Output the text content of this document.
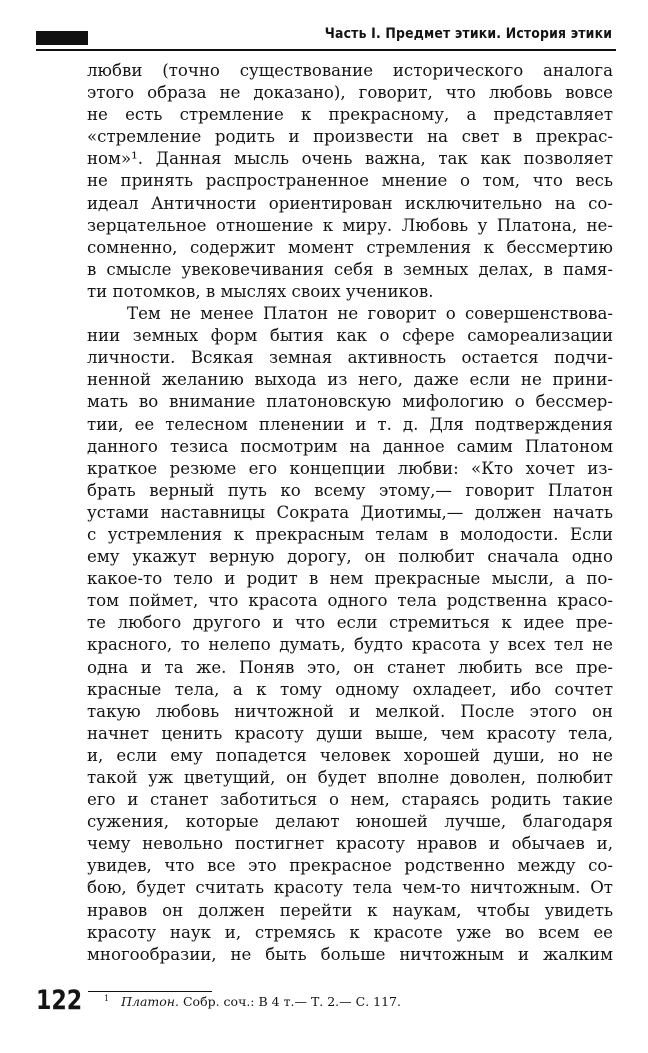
Часть I. Предмет этики. История этики
любви (точно существование исторического аналога
этого образа не доказано), говорит, что любовь вовсе
не есть стремление к прекрасному, а представляет
«стремление родить и произвести на свет в прекрас-
ном»¹. Данная мысль очень важна, так как позволяет
не принять распространенное мнение о том, что весь
идеал Античности ориентирован исключительно на со-
зерцательное отношение к миру. Любовь у Платона, не-
сомненно, содержит момент стремления к бессмертию
в смысле увековечивания себя в земных делах, в памя-
ти потомков, в мыслях своих учеников.
Тем не менее Платон не говорит о совершенствова-
нии земных форм бытия как о сфере самореализации
личности. Всякая земная активность остается подчи-
ненной желанию выхода из него, даже если не прини-
мать во внимание платоновскую мифологию о бессмер-
тии, ее телесном пленении и т. д. Для подтверждения
данного тезиса посмотрим на данное самим Платоном
краткое резюме его концепции любви: «Кто хочет из-
брать верный путь ко всему этому,— говорит Платон
устами наставницы Сократа Диотимы,— должен начать
с устремления к прекрасным телам в молодости. Если
ему укажут верную дорогу, он полюбит сначала одно
какое-то тело и родит в нем прекрасные мысли, а по-
том поймет, что красота одного тела родственна красо-
те любого другого и что если стремиться к идее пре-
красного, то нелепо думать, будто красота у всех тел не
одна и та же. Поняв это, он станет любить все пре-
красные тела, а к тому одному охладеет, ибо сочтет
такую любовь ничтожной и мелкой. После этого он
начнет ценить красоту души выше, чем красоту тела,
и, если ему попадется человек хорошей души, но не
такой уж цветущий, он будет вполне доволен, полюбит
его и станет заботиться о нем, стараясь родить такие
сужения, которые делают юношей лучше, благодаря
чему невольно постигнет красоту нравов и обычаев и,
увидев, что все это прекрасное родственно между со-
бою, будет считать красоту тела чем-то ничтожным. От
нравов он должен перейти к наукам, чтобы увидеть
красоту наук и, стремясь к красоте уже во всем ее
многообразии, не быть больше ничтожным и жалким
122	$^1$ Платон. Собр. соч.: В 4 т.— Т. 2.— С. 117.
